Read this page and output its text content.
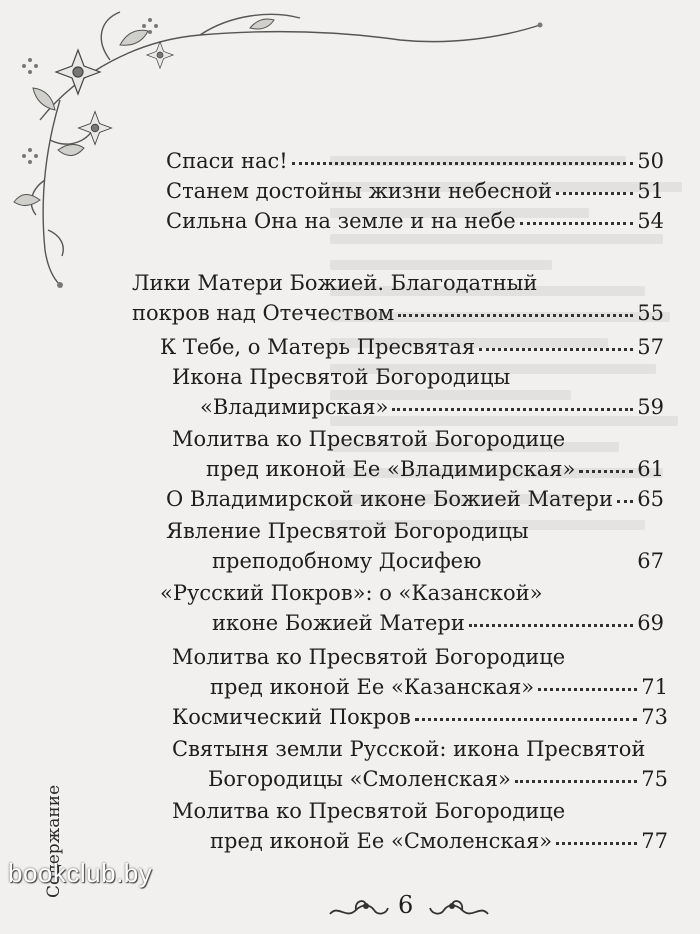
Спаси нас!	50
Станем достойны жизни небесной	51
Сильна Она на земле и на небе	54
Лики Матери Божией. Благодатный
покров над Отечеством	55
К Тебе, о Матерь Пресвятая	57
Икона Пресвятой Богородицы
«Владимирская»	59
Молитва ко Пресвятой Богородице
пред иконой Ее «Владимирская»	61
О Владимирской иконе Божией Матери 65
Явление Пресвятой Богородицы
преподобному Досифею	67
«Русский Покров»: о «Казанской»
иконе Божией Матери	69
Молитва ко Пресвятой Богородице
пред иконой Ее «Казанская»	71
Космический Покров	73
Святыня земли Русской: икона Пресвятой
Богородицы «Смоленская»	75
Молитва ко Пресвятой Богородице
пред иконой Ее «Смоленская»	77
Содержание
bookclub.by
6
